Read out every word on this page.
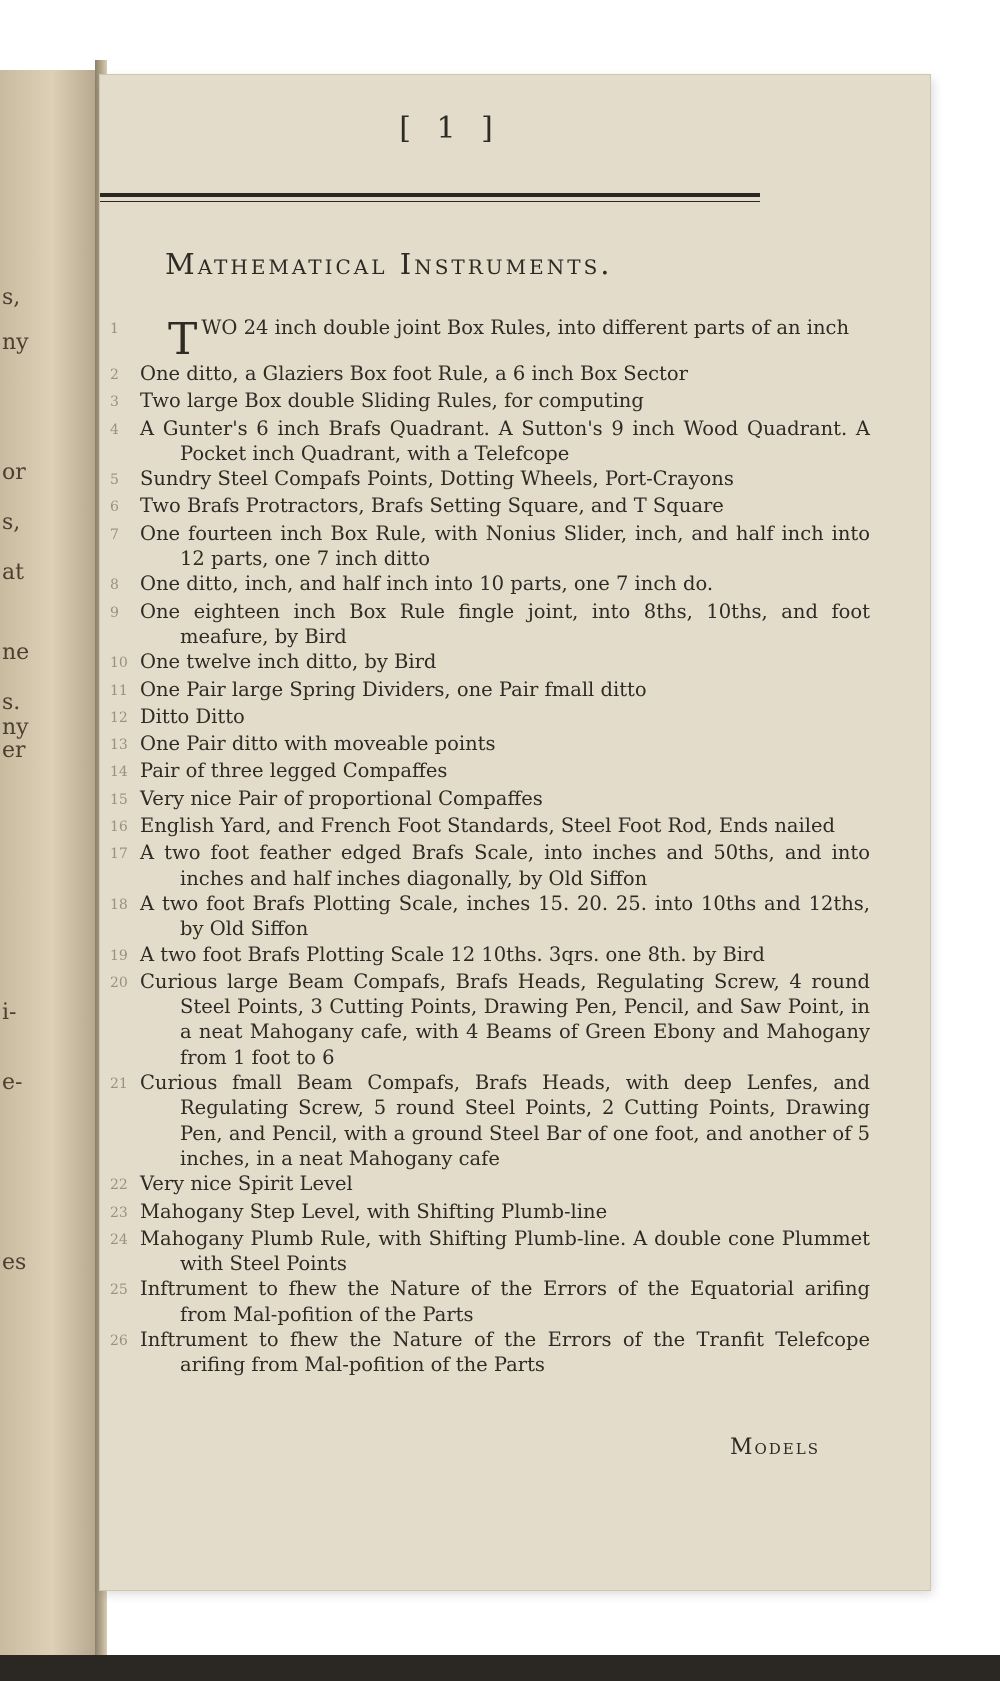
s,
ny
or
s,
at
ne
s.
ny
er
i-
e-
es
[ 1 ]
Mathematical Instruments.
1	TWO 24 inch double joint Box Rules, into different parts of an inch
2	One ditto, a Glaziers Box foot Rule, a 6 inch Box Sector
3	Two large Box double Sliding Rules, for computing
4	A Gunter's 6 inch Brafs Quadrant. A Sutton's 9 inch Wood Quadrant. A Pocket inch Quadrant, with a Telefcope
5	Sundry Steel Compafs Points, Dotting Wheels, Port-Crayons
6	Two Brafs Protractors, Brafs Setting Square, and T Square
7	One fourteen inch Box Rule, with Nonius Slider, inch, and half inch into 12 parts, one 7 inch ditto
8	One ditto, inch, and half inch into 10 parts, one 7 inch do.
9	One eighteen inch Box Rule fingle joint, into 8ths, 10ths, and foot meafure, by Bird
10 One twelve inch ditto, by Bird
11 One Pair large Spring Dividers, one Pair fmall ditto
12 Ditto Ditto
13 One Pair ditto with moveable points
14 Pair of three legged Compaffes
15 Very nice Pair of proportional Compaffes
16 English Yard, and French Foot Standards, Steel Foot Rod, Ends nailed
17 A two foot feather edged Brafs Scale, into inches and 50ths, and into inches and half inches diagonally, by Old Siffon
18 A two foot Brafs Plotting Scale, inches 15. 20. 25. into 10ths and 12ths, by Old Siffon
19 A two foot Brafs Plotting Scale 12 10ths. 3qrs. one 8th. by Bird
20 Curious large Beam Compafs, Brafs Heads, Regulating Screw, 4 round Steel Points, 3 Cutting Points, Drawing Pen, Pencil, and Saw Point, in a neat Mahogany cafe, with 4 Beams of Green Ebony and Mahogany from 1 foot to 6
21 Curious fmall Beam Compafs, Brafs Heads, with deep Lenfes, and Regulating Screw, 5 round Steel Points, 2 Cutting Points, Drawing Pen, and Pencil, with a ground Steel Bar of one foot, and another of 5 inches, in a neat Mahogany cafe
22 Very nice Spirit Level
23 Mahogany Step Level, with Shifting Plumb-line
24 Mahogany Plumb Rule, with Shifting Plumb-line. A double cone Plummet with Steel Points
25 Inftrument to fhew the Nature of the Errors of the Equatorial arifing from Mal-pofition of the Parts
26 Inftrument to fhew the Nature of the Errors of the Tranfit Telefcope arifing from Mal-pofition of the Parts
Models
